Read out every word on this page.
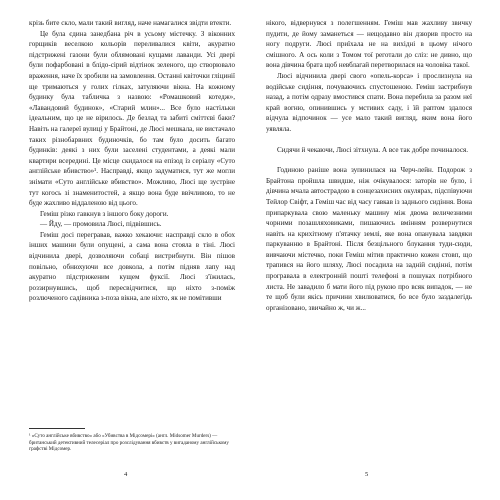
крізь бите скло, мали такий вигляд, наче намагалися звідти втекти.

Це була єдина занедбана річ в усьому містечку. З віконних горщиків веселкою кольорів переливалися квіти, акуратно підстрижені газони були облямовані кущами лаванди. Усі двері були пофарбовані в блідо-сірий відтінок зеленого, що створювало враження, наче їх зробили на замовлення. Останні квіточки гліцинії ще тримаються у голих гілках, затуляючи вікна. На кожному будинку була табличка з назвою: «Ромашковий котедж», «Лавандовий будинок», «Старий млин»... Все було настільки ідеальним, що це не вірилось. Де безлад та забиті сміттєві баки? Навіть на галереї вулиці у Брайтоні, де Люсі мешкала, не вистачало таких різнобарвних будиночків, бо там було досить багато будинків: деякі з них були заселені студентами, а деякі мали квартири всередині. Це місце скидалося на епізод із серіалу «Суто англійське вбивство»¹. Насправді, якщо задуматися, тут же могли знімати «Суто англійське вбивство». Можливо, Люсі ще зустріне тут когось зі знаменитостей, а якщо вона буде ввічливою, то не буде жахливо віддаленою від цього.

Геміш різко гавкнув з іншого боку дороги.

— Йду, — промовила Люсі, підвівшись.

Геміш досі перегравав, важко хекаючи: насправді скло в обох інших машини були опущені, а сама вона стояла в тіні. Люсі відчинила двері, дозволяючи собаці вистрибнути. Він пішов повільно, обнюхуючи все довкола, а потім підняв лапу над акуратно підстриженим кущем фуксії. Люсі з'їжилась, роззирнувшись, щоб пересвідчитися, що ніхто з-поміж розлюченого садівника з-поза вікна, але ніхто, як не помітивши

¹ «Суто англійське вбивство» або «Убивства в Мідсомері» (англ. Midsomer Murders) — британський детективний телесеріал про розслідування вбивств у вигаданому англійському графстві Мідсомер.

4

нікого, відвернувся з полегшенням. Геміш мав жахливу звичку пудити, де йому заманеться — нещодавно він дзюрив просто на ногу подруги. Люсі приїхала не на вихідні в цьому нічого смішного. А ось коли з Томом тої реготали до сліз: не дивно, що вона дівчина брата щоб невблагай перетворилася на чоловіка такої.

Люсі відчинила двері свого «опель-корса» і прослизнула на водійське сидіння, почуваючись спустошеною. Геміш застрибнув назад, а потім одразу вмостився спати. Вона перебила за разом неї край вогню, опинившись у мстивих саду, і їй раптом здалося відчула відпочинок — усе мало такий вигляд, яким вона його уявляла.

Сидячи й чекаючи, Люсі зітхнула. А все так добре починалося.

Годиною раніше вона зупинилася на Черч-лейн. Подорож з Брайтона пройшла швидше, ніж очікувалося: заторів не було, і дівчина мчала автострадою в сонцезахисних окулярах, підспівуючи Тейлор Свіфт, а Геміш час від часу гавкав із заднього сидіння. Вона припаркувала свою маленьку машину між двома величезними чорними позашляховиками, пишаючись вмінням розвернутися навіть на крихітному п'ятачку землі, яке вона опанувала завдяки паркуванню в Брайтоні. Після безцільного блукання туди-сюди, вивчаючи містечко, поки Геміш мітив практично кожен стовп, що трапився на його шляху, Люсі посадила на задній сидінні, потім програвала в електронній пошті телефоні в пошуках потрібного листа. Не завадило б мати його під рукою про всяк випадок, — не те щоб були якісь причини хвилюватися, бо все було заздалегідь організовано, звичайно ж, чи ж...

5
